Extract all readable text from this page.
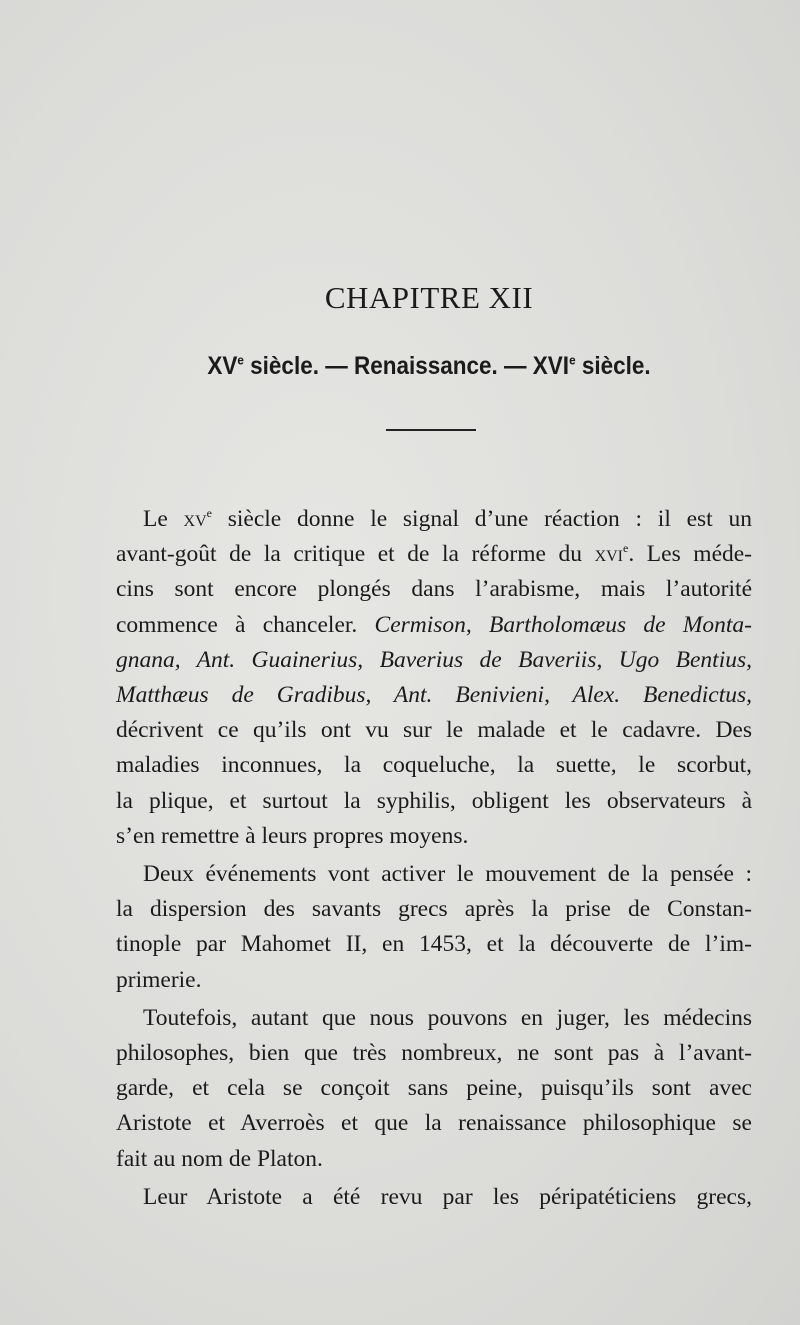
CHAPITRE XII
XVe siècle. — Renaissance. — XVIe siècle.

Le $xv^e$ siècle donne le signal d’une réaction : il est un
avant-goût de la critique et de la réforme du xvi$^e$. Les méde-
cins sont encore plongés dans l’arabisme, mais l’autorité
commence à chanceler. Cermison, Bartholomæus de Monta-
gnana, Ant. Guainerius, Baverius de Baveriis, Ugo Bentius,
Matthæus de Gradibus, Ant. Benivieni, Alex. Benedictus,
décrivent ce qu’ils ont vu sur le malade et le cadavre. Des
maladies inconnues, la coqueluche, la suette, le scorbut,
la plique, et surtout la syphilis, obligent les observateurs à
s’en remettre à leurs propres moyens.

Deux événements vont activer le mouvement de la pensée :
la dispersion des savants grecs après la prise de Constan-
tinople par Mahomet II, en 1453, et la découverte de l’im-
primerie.

Toutefois, autant que nous pouvons en juger, les médecins
philosophes, bien que très nombreux, ne sont pas à l’avant-
garde, et cela se conçoit sans peine, puisqu’ils sont avec
Aristote et Averroès et que la renaissance philosophique se
fait au nom de Platon.

Leur Aristote a été revu par les péripatéticiens grecs,
